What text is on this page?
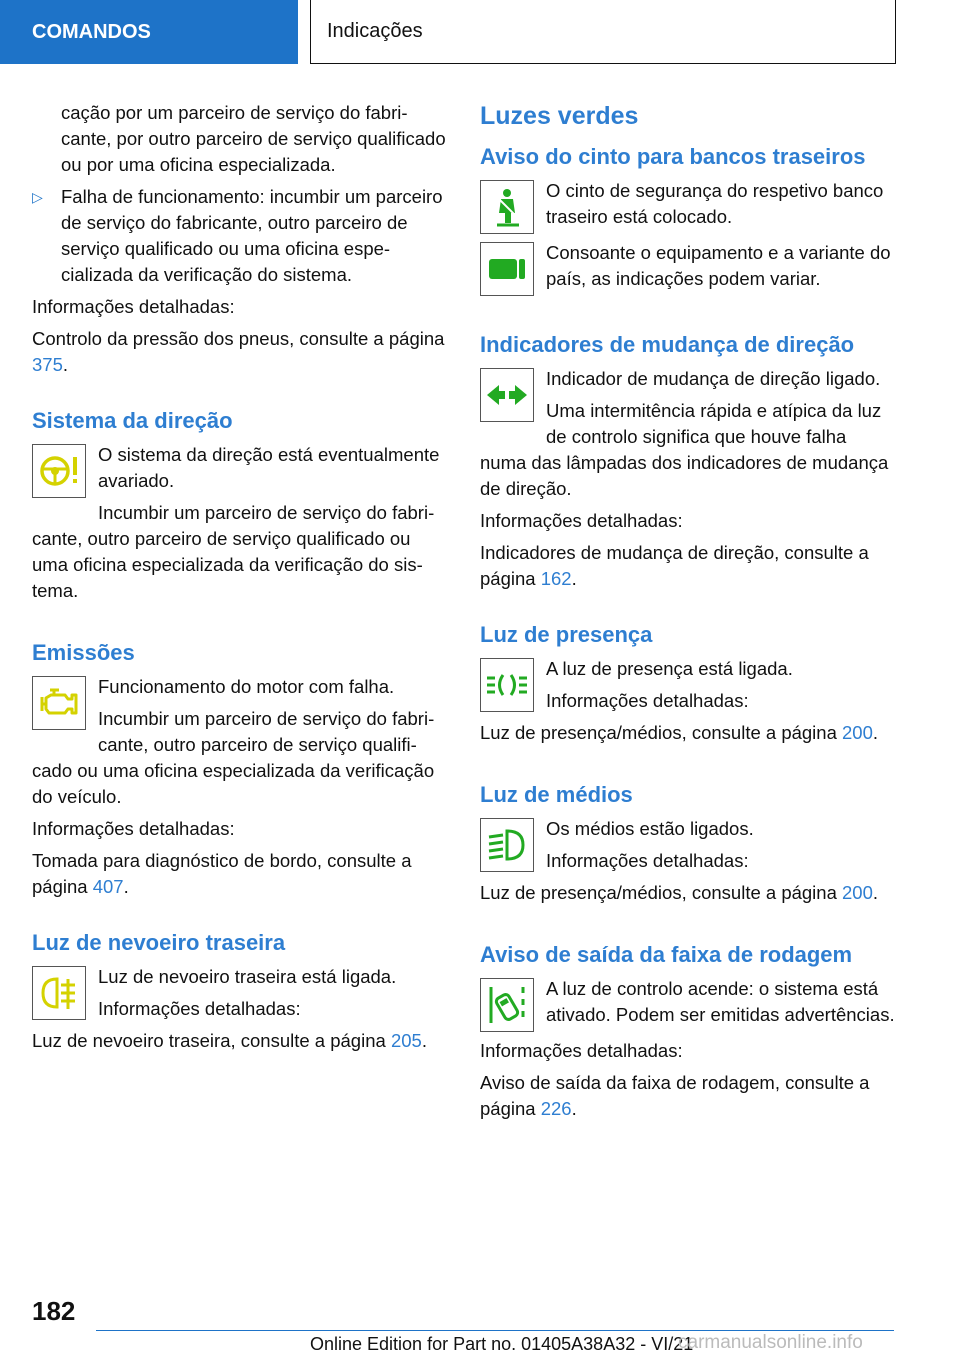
COMANDOS	Indicações

cação por um parceiro de serviço do fabricante, por outro parceiro de serviço qualificado ou por uma oficina especializada.

▷ Falha de funcionamento: incumbir um parceiro de serviço do fabricante, outro parceiro de serviço qualificado ou uma oficina especializada da verificação do sistema.

Informações detalhadas:

Controlo da pressão dos pneus, consulte a página 375.

Sistema da direção

O sistema da direção está eventualmente avariado.

Incumbir um parceiro de serviço do fabricante, outro parceiro de serviço qualificado ou uma oficina especializada da verificação do sistema.

Emissões

Funcionamento do motor com falha.

Incumbir um parceiro de serviço do fabricante, outro parceiro de serviço qualificado ou uma oficina especializada da verificação do veículo.

Informações detalhadas:

Tomada para diagnóstico de bordo, consulte a página 407.

Luz de nevoeiro traseira

Luz de nevoeiro traseira está ligada.

Informações detalhadas:

Luz de nevoeiro traseira, consulte a página 205.

Luzes verdes
Aviso do cinto para bancos traseiros

O cinto de segurança do respetivo banco traseiro está colocado.

Consoante o equipamento e a variante do país, as indicações podem variar.

Indicadores de mudança de direção

Indicador de mudança de direção ligado.

Uma intermitência rápida e atípica da luz de controlo significa que houve falha numa das lâmpadas dos indicadores de mudança de direção.

Informações detalhadas:

Indicadores de mudança de direção, consulte a página 162.

Luz de presença

A luz de presença está ligada.

Informações detalhadas:

Luz de presença/médios, consulte a página 200.

Luz de médios

Os médios estão ligados.

Informações detalhadas:

Luz de presença/médios, consulte a página 200.

Aviso de saída da faixa de rodagem

A luz de controlo acende: o sistema está ativado. Podem ser emitidas advertências.

Informações detalhadas:

Aviso de saída da faixa de rodagem, consulte a página 226.

182
Online Edition for Part no. 01405A38A32 - VI/21
carmanualsonline.info
